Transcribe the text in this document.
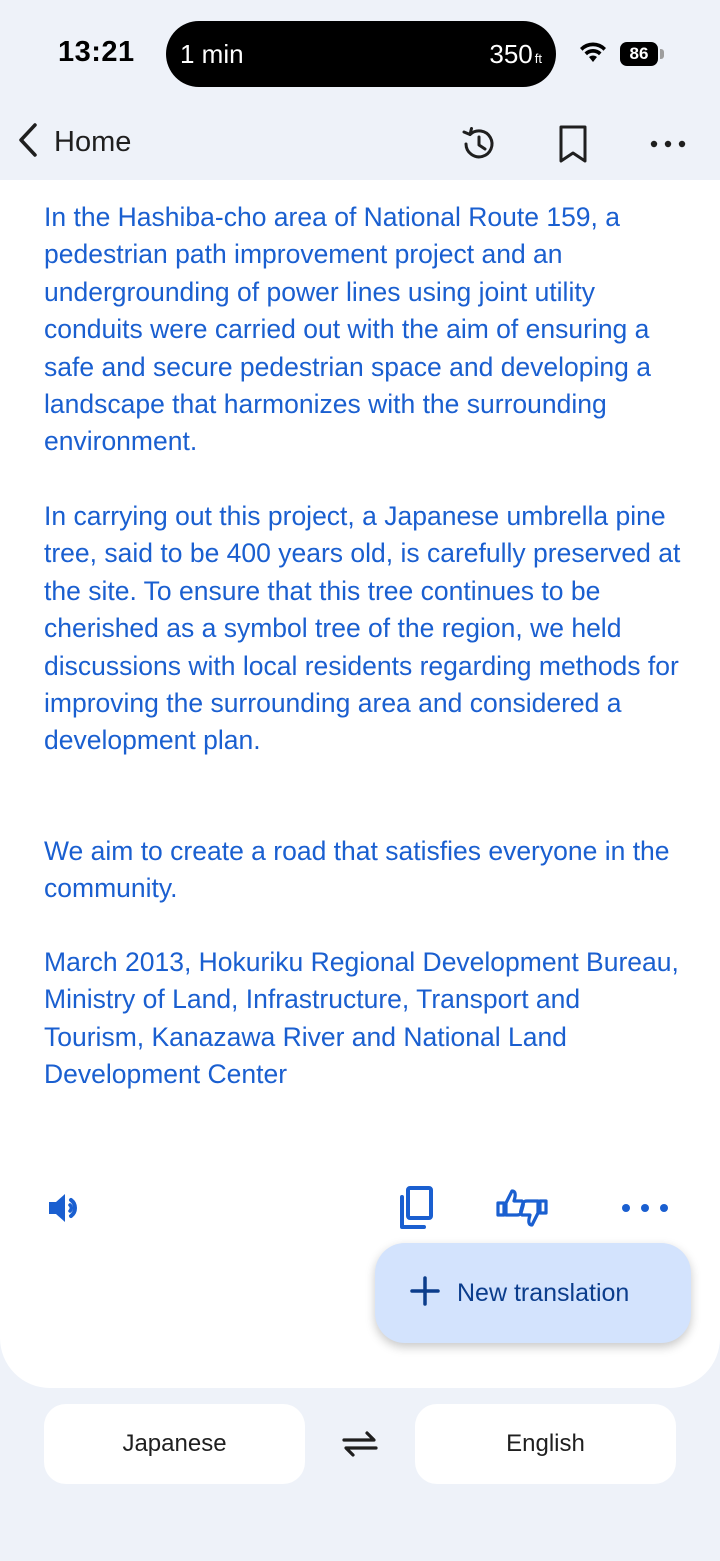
13:21 1 min	350 ft	86
Home

In the Hashiba-cho area of National Route 159, a pedestrian path improvement project and an undergrounding of power lines using joint utility conduits were carried out with the aim of ensuring a safe and secure pedestrian space and developing a landscape that harmonizes with the surrounding environment.

In carrying out this project, a Japanese umbrella pine tree, said to be 400 years old, is carefully preserved at the site. To ensure that this tree continues to be cherished as a symbol tree of the region, we held discussions with local residents regarding methods for improving the surrounding area and considered a development plan.

We aim to create a road that satisfies everyone in the community.

March 2013, Hokuriku Regional Development Bureau, Ministry of Land, Infrastructure, Transport and Tourism, Kanazawa River and National Land Development Center

New translation
Japanese	English
